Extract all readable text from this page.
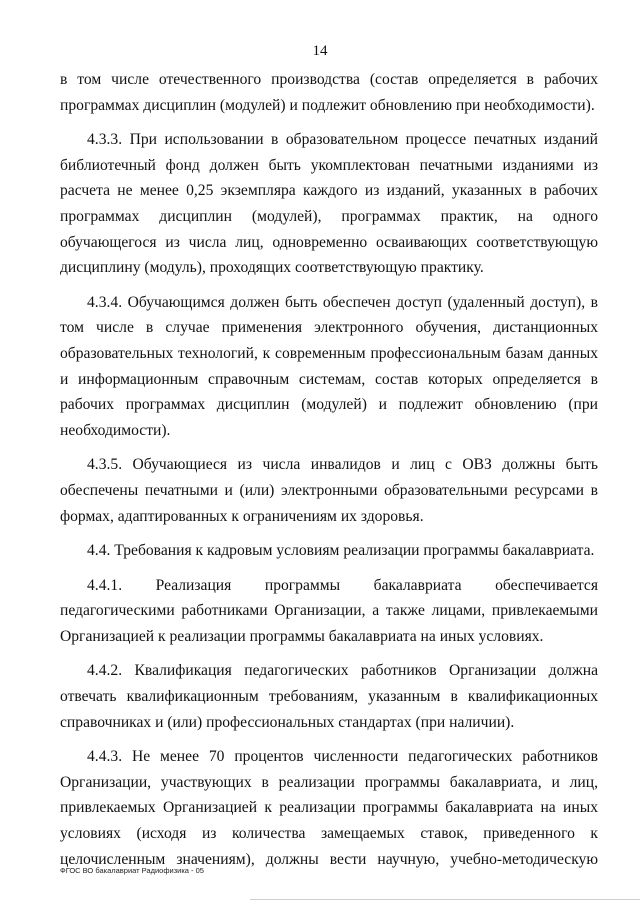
14

в том числе отечественного производства (состав определяется в рабочих программах дисциплин (модулей) и подлежит обновлению при необходимости).

4.3.3. При использовании в образовательном процессе печатных изданий библиотечный фонд должен быть укомплектован печатными изданиями из расчета не менее 0,25 экземпляра каждого из изданий, указанных в рабочих программах дисциплин (модулей), программах практик, на одного обучающегося из числа лиц, одновременно осваивающих соответствующую дисциплину (модуль), проходящих соответствующую практику.

4.3.4. Обучающимся должен быть обеспечен доступ (удаленный доступ), в том числе в случае применения электронного обучения, дистанционных образовательных технологий, к современным профессиональным базам данных и информационным справочным системам, состав которых определяется в рабочих программах дисциплин (модулей) и подлежит обновлению (при необходимости).

4.3.5. Обучающиеся из числа инвалидов и лиц с ОВЗ должны быть обеспечены печатными и (или) электронными образовательными ресурсами в формах, адаптированных к ограничениям их здоровья.

4.4. Требования к кадровым условиям реализации программы бакалавриата.

4.4.1. Реализация программы бакалавриата обеспечивается педагогическими работниками Организации, а также лицами, привлекаемыми Организацией к реализации программы бакалавриата на иных условиях.

4.4.2. Квалификация педагогических работников Организации должна отвечать квалификационным требованиям, указанным в квалификационных справочниках и (или) профессиональных стандартах (при наличии).

4.4.3. Не менее 70 процентов численности педагогических работников Организации, участвующих в реализации программы бакалавриата, и лиц, привлекаемых Организацией к реализации программы бакалавриата на иных условиях (исходя из количества замещаемых ставок, приведенного к целочисленным значениям), должны вести научную, учебно-методическую

ФГОС ВО бакалавриат Радиофизика - 05
